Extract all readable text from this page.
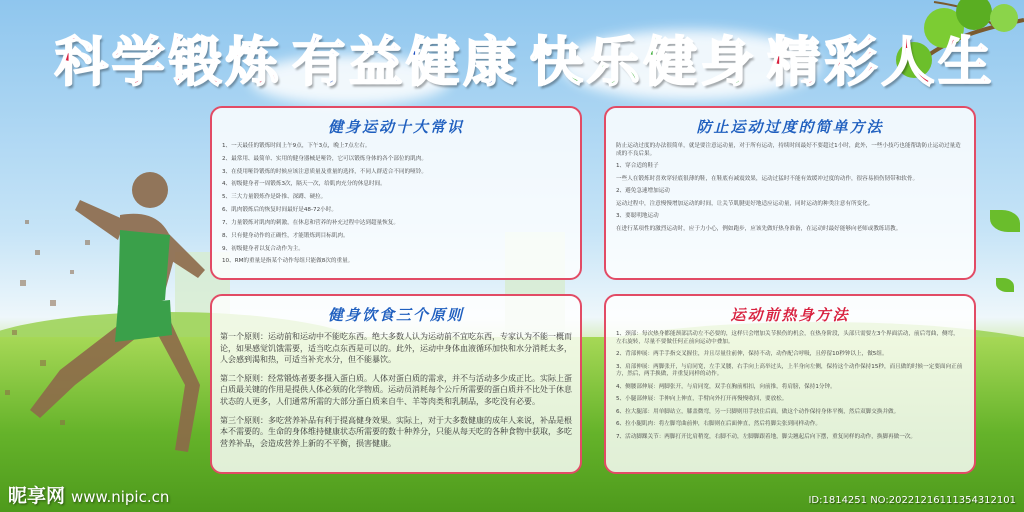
科学锻炼 有益健康 快乐健身 精彩人生
健身运动十大常识
1、一天最佳的锻炼时间上午9点，下午3点，晚上7点左右。
2、最常用、最简单、实用的健身器械是哑铃，它可以锻炼身体的各个部位的肌肉。
3、在使用哑铃锻炼的时候应该注意质量及重量的选择，不同人群适合不同的哑铃。
4、初级健身者一周锻炼3次，隔天一次，给肌肉充分的休息时间。
5、三大力量锻炼作是卧推、深蹲、硬拉。
6、肌肉锻炼后的恢复时间最好是48-72小时。
7、力量锻炼对肌肉的刺激，在休息和营养的补充过程中达到超量恢复。
8、只有健身动作的正确性，才能锻炼到目标肌肉。
9、初级健身者以复合动作为主。
10、RM的重量是指某个动作每组只能做8次的重量。
防止运动过度的简单方法

防止运动过度的办法很简单，就是要注意运动量，对于所有运动，持续时间最好不要超过1小时，此外，一些小技巧也能帮助防止运动过量造成的不良后果。

1、穿合适的鞋子

一些人在锻炼时喜欢穿轻底很薄的鞋，在鞋底有减震效果，运动过猛时不能有效缓冲过度的动作，很容易损伤韧带和软骨。

2、避免急速增加运动

运动过程中，注意慢慢增加运动的时间，让关节肌腱更好地适应运动量，同时运动的种类注意有所变化。

3、要聪明地运动

在进行某项性的激烈运动时，应于力小心，例如跑步，应该先做好热身准备，在运动时最好能够向老师或教练请教。

健身饮食三个原则

第一个原则：运动前和运动中不能吃东西。绝大多数人认为运动前不宜吃东西，专家认为不能一概而论，如果感觉饥饿需要，适当吃点东西是可以的。此外，运动中身体血液循环加快和水分消耗太多，人会感到渴和热，可适当补充水分，但不能暴饮。

第二个原则：经常锻炼者要多摄入蛋白质。人体对蛋白质的需求，并不与活动多少成正比。实际上蛋白质最关键的作用是提供人体必须的化学物质。运动员消耗每个公斤所需要的蛋白质并不比处于休息状态的人更多，人们通常所需的大部分蛋白质来自牛、羊等肉类和乳制品，多吃没有必要。

第三个原则：多吃营养补品有利于提高健身效果。实际上，对于大多数健康的成年人来说，补品是根本不需要的。生命的身体维持健康状态所需要的数十种养分，只能从每天吃的各种食物中获取，多吃营养补品，会造成营养上新的不平衡，损害健康。

运动前热身方法

1、颈部：每次热身都能颈部活动左不必要的，这样只会增加关节损伤的机会，在热身阶段，头部只需要左3个界面活动，前后弯曲，侧弯，左右旋转，尽量不要做任何正前向运动中叠加。

2、背部伸展：两手手指交叉握住，并且尽量往前伸，保持不动，动作配合呼吸，且停留10秒钟以上，做5组。

3、肩部伸展：两脚张开，与肩同宽，左手叉腰，右手向上高举过头，上半身向左侧，保持这个动作保持15秒，而且做的时候一定要面向正前方，然后，两手换做，并重复同样的动作。

4、侧腰部伸展：两脚张开，与肩同宽，双手在胸前相扣，向前推，将肩膀，保持1分钟。

5、小腿部伸展：手伸向上伸直，手臂向外打开再慢慢收回，要放松。

6、拉大腿部：用单脚站立，膝盖微弯，另一只脚则用手扶住后面，做这个动作保持身体平衡，然后双脚交换并做。

6、拉小腿肌肉：将左脚弯曲前伸，右脚则在后面伸直，然后将脚尖张到同样动作。

7、活动脚踝关节：两脚打开比肩稍宽，右脚不动，左脚脚跟着地，脚尖翘起后向下摆，重复同样的动作，换脚再做一次。

昵享网 www.nipic.cn	ID:1814251 NO:20221216111354312101
